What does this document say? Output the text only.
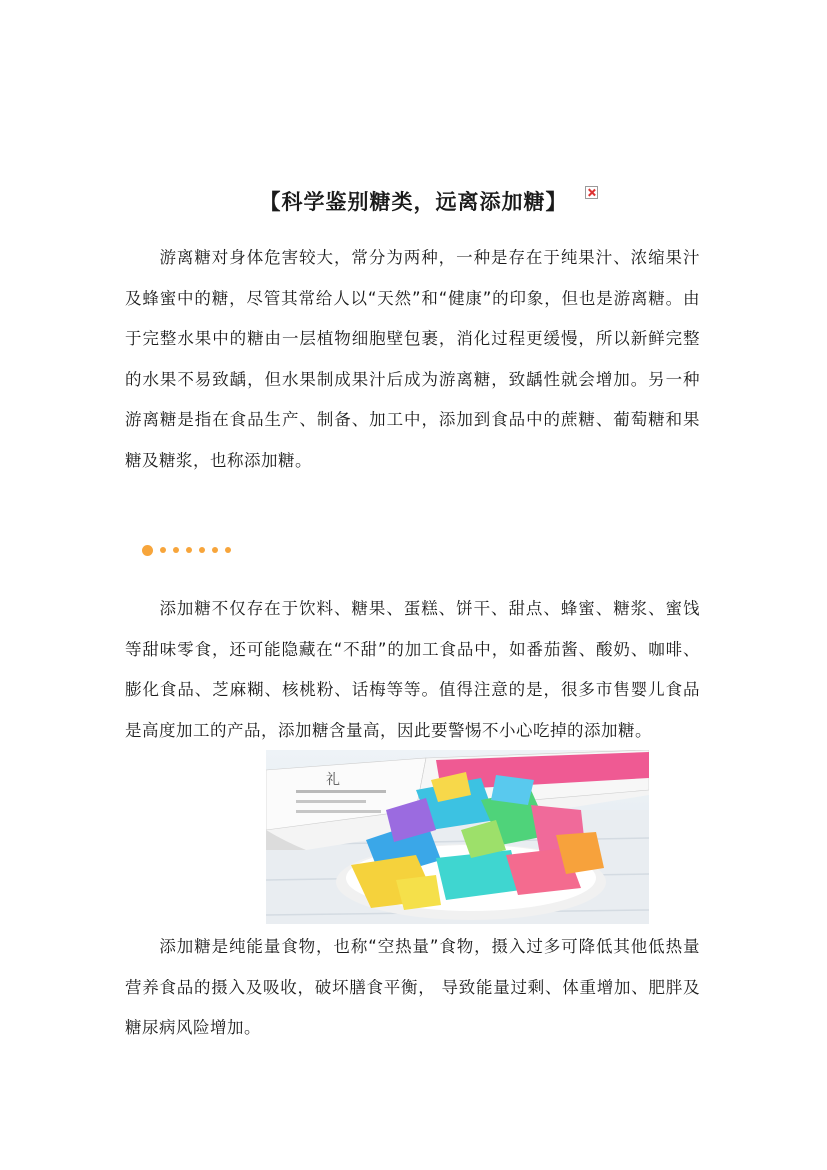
【科学鉴别糖类，远离添加糖】

  游离糖对身体危害较大，常分为两种，一种是存在于纯果汁、浓缩果汁及蜂蜜中的糖，尽管其常给人以“天然”和“健康”的印象，但也是游离糖。由于完整水果中的糖由一层植物细胞壁包裹，消化过程更缓慢，所以新鲜完整的水果不易致龋，但水果制成果汁后成为游离糖，致龋性就会增加。另一种游离糖是指在食品生产、制备、加工中，添加到食品中的蔗糖、葡萄糖和果糖及糖浆，也称添加糖。

  添加糖不仅存在于饮料、糖果、蛋糕、饼干、甜点、蜂蜜、糖浆、蜜饯等甜味零食，还可能隐藏在“不甜”的加工食品中，如番茄酱、酸奶、咖啡、膨化食品、芝麻糊、核桃粉、话梅等等。值得注意的是，很多市售婴儿食品是高度加工的产品，添加糖含量高，因此要警惕不小心吃掉的添加糖。

礼

  添加糖是纯能量食物，也称“空热量”食物，摄入过多可降低其他低热量营养食品的摄入及吸收，破坏膳食平衡， 导致能量过剩、体重增加、肥胖及糖尿病风险增加。
